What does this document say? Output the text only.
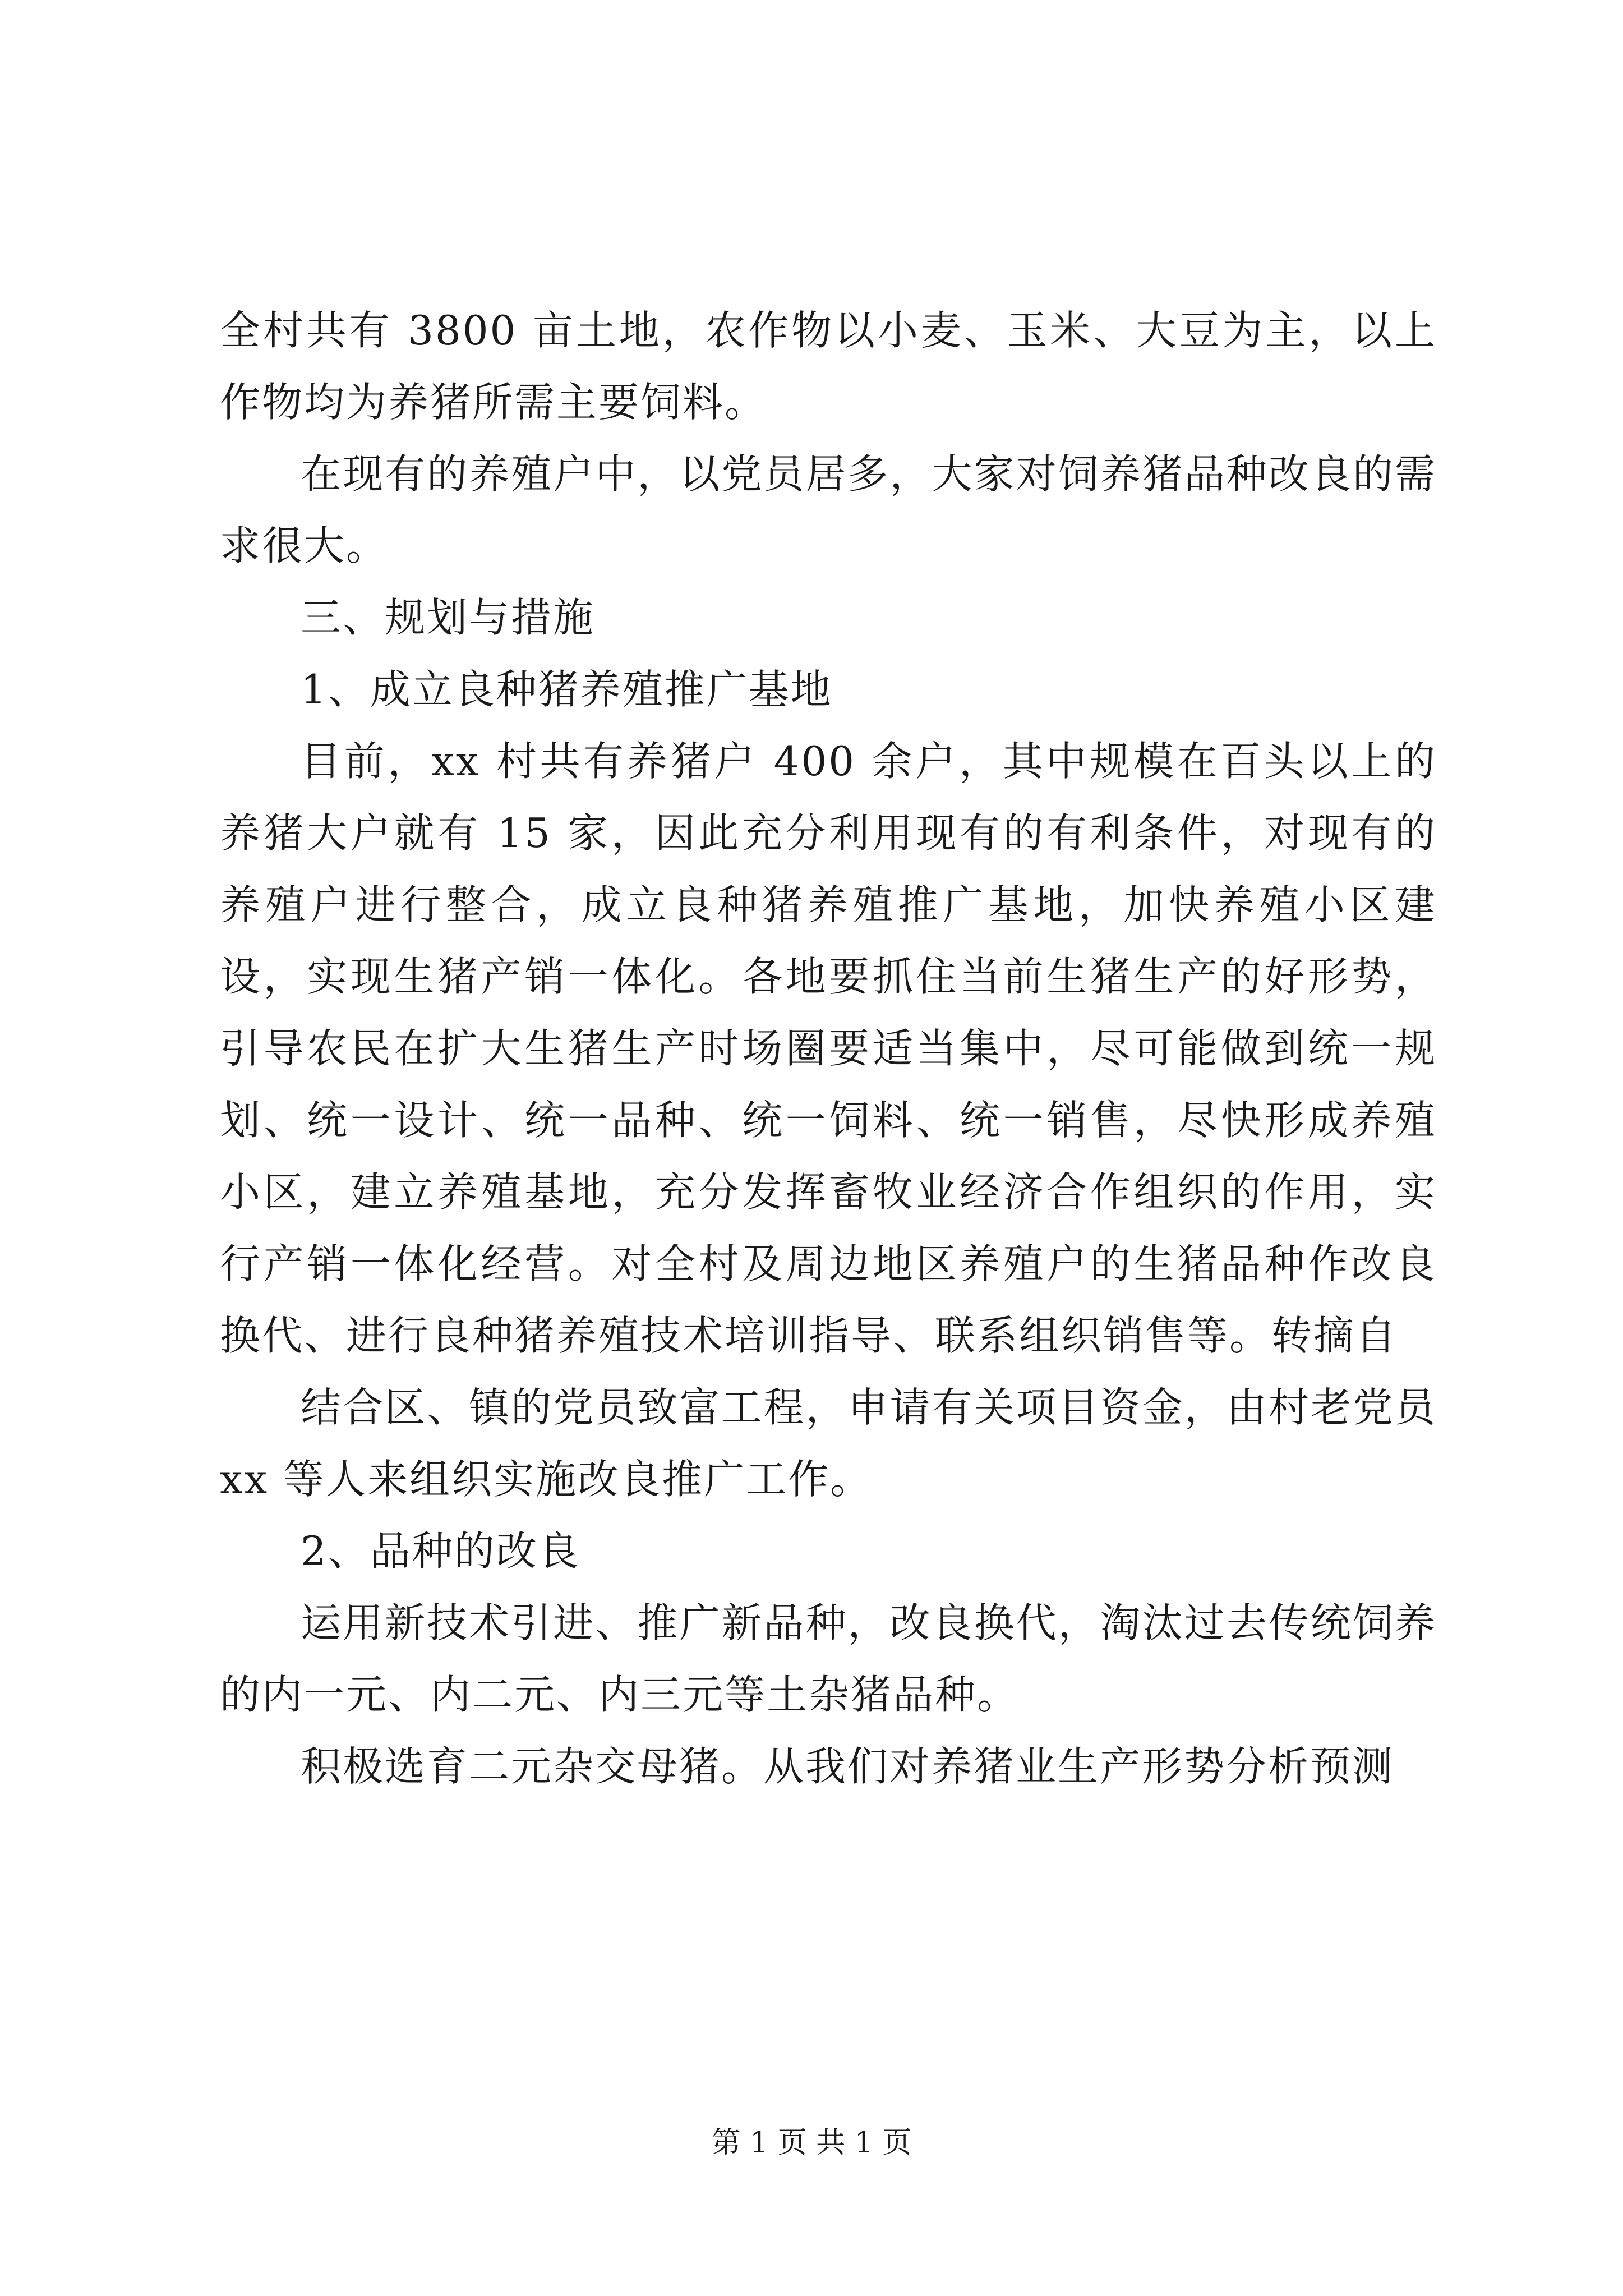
全村共有 3800 亩土地，农作物以小麦、玉米、大豆为主，以上作物均为养猪所需主要饲料。

在现有的养殖户中，以党员居多，大家对饲养猪品种改良的需求很大。

三、规划与措施

1、成立良种猪养殖推广基地

目前，xx 村共有养猪户 400 余户，其中规模在百头以上的养猪大户就有 15 家，因此充分利用现有的有利条件，对现有的养殖户进行整合，成立良种猪养殖推广基地，加快养殖小区建设，实现生猪产销一体化。各地要抓住当前生猪生产的好形势，引导农民在扩大生猪生产时场圈要适当集中，尽可能做到统一规划、统一设计、统一品种、统一饲料、统一销售，尽快形成养殖小区，建立养殖基地，充分发挥畜牧业经济合作组织的作用，实行产销一体化经营。对全村及周边地区养殖户的生猪品种作改良换代、进行良种猪养殖技术培训指导、联系组织销售等。转摘自

结合区、镇的党员致富工程，申请有关项目资金，由村老党员 xx 等人来组织实施改良推广工作。

2、品种的改良

运用新技术引进、推广新品种，改良换代，淘汰过去传统饲养的内一元、内二元、内三元等土杂猪品种。

积极选育二元杂交母猪。从我们对养猪业生产形势分析预测

第 1 页 共 1 页
